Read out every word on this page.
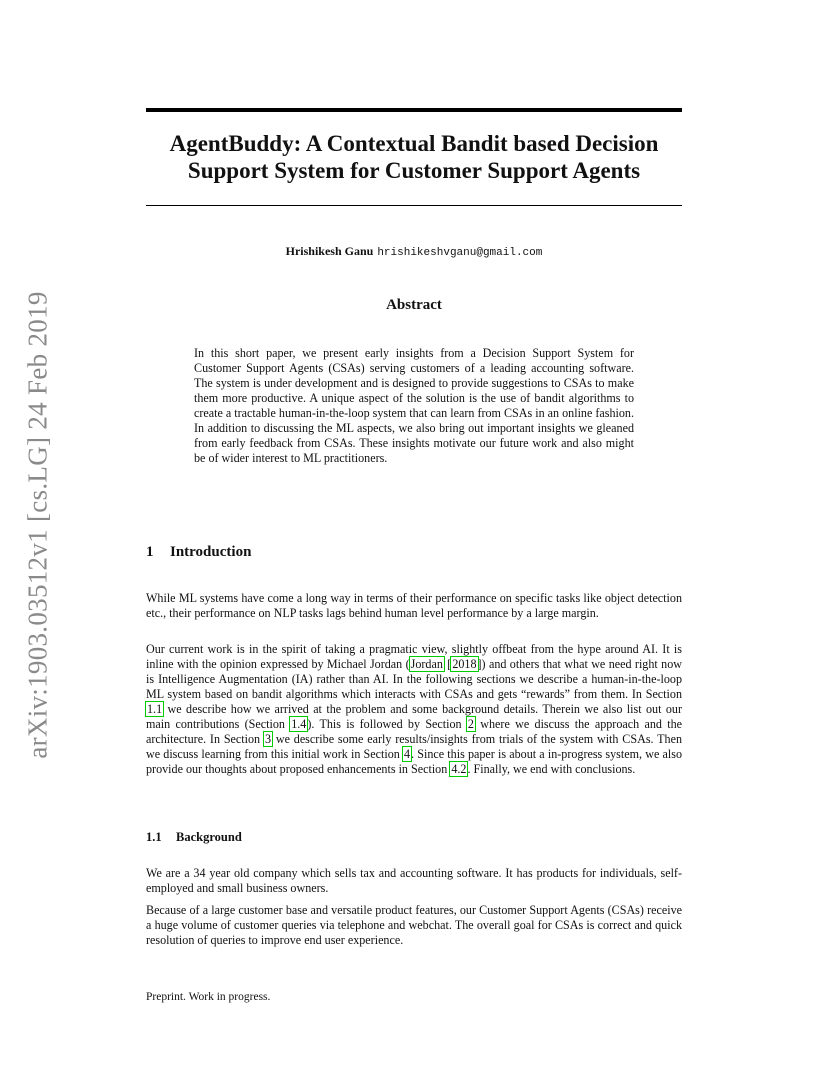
arXiv:1903.03512v1 [cs.LG] 24 Feb 2019
AgentBuddy: A Contextual Bandit based Decision
Support System for Customer Support Agents
Hrishikesh Ganu hrishikeshvganu@gmail.com
Abstract

In this short paper, we present early insights from a Decision Support System for Customer Support Agents (CSAs) serving customers of a leading accounting software. The system is under development and is designed to provide suggestions to CSAs to make them more productive. A unique aspect of the solution is the use of bandit algorithms to create a tractable human-in-the-loop system that can learn from CSAs in an online fashion. In addition to discussing the ML aspects, we also bring out important insights we gleaned from early feedback from CSAs. These insights motivate our future work and also might be of wider interest to ML practitioners.

1 Introduction

While ML systems have come a long way in terms of their performance on specific tasks like object detection etc., their performance on NLP tasks lags behind human level performance by a large margin.

Our current work is in the spirit of taking a pragmatic view, slightly offbeat from the hype around AI. It is inline with the opinion expressed by Michael Jordan (Jordan [2018]) and others that what we need right now is Intelligence Augmentation (IA) rather than AI. In the following sections we describe a human-in-the-loop ML system based on bandit algorithms which interacts with CSAs and gets “rewards” from them. In Section 1.1 we describe how we arrived at the problem and some background details. Therein we also list out our main contributions (Section 1.4). This is followed by Section 2 where we discuss the approach and the architecture. In Section 3 we describe some early results/insights from trials of the system with CSAs. Then we discuss learning from this initial work in Section 4. Since this paper is about a in-progress system, we also provide our thoughts about proposed enhancements in Section 4.2. Finally, we end with conclusions.

1.1 Background

We are a 34 year old company which sells tax and accounting software. It has products for individuals, self- employed and small business owners.

Because of a large customer base and versatile product features, our Customer Support Agents (CSAs) receive a huge volume of customer queries via telephone and webchat. The overall goal for CSAs is correct and quick resolution of queries to improve end user experience.

Preprint. Work in progress.
